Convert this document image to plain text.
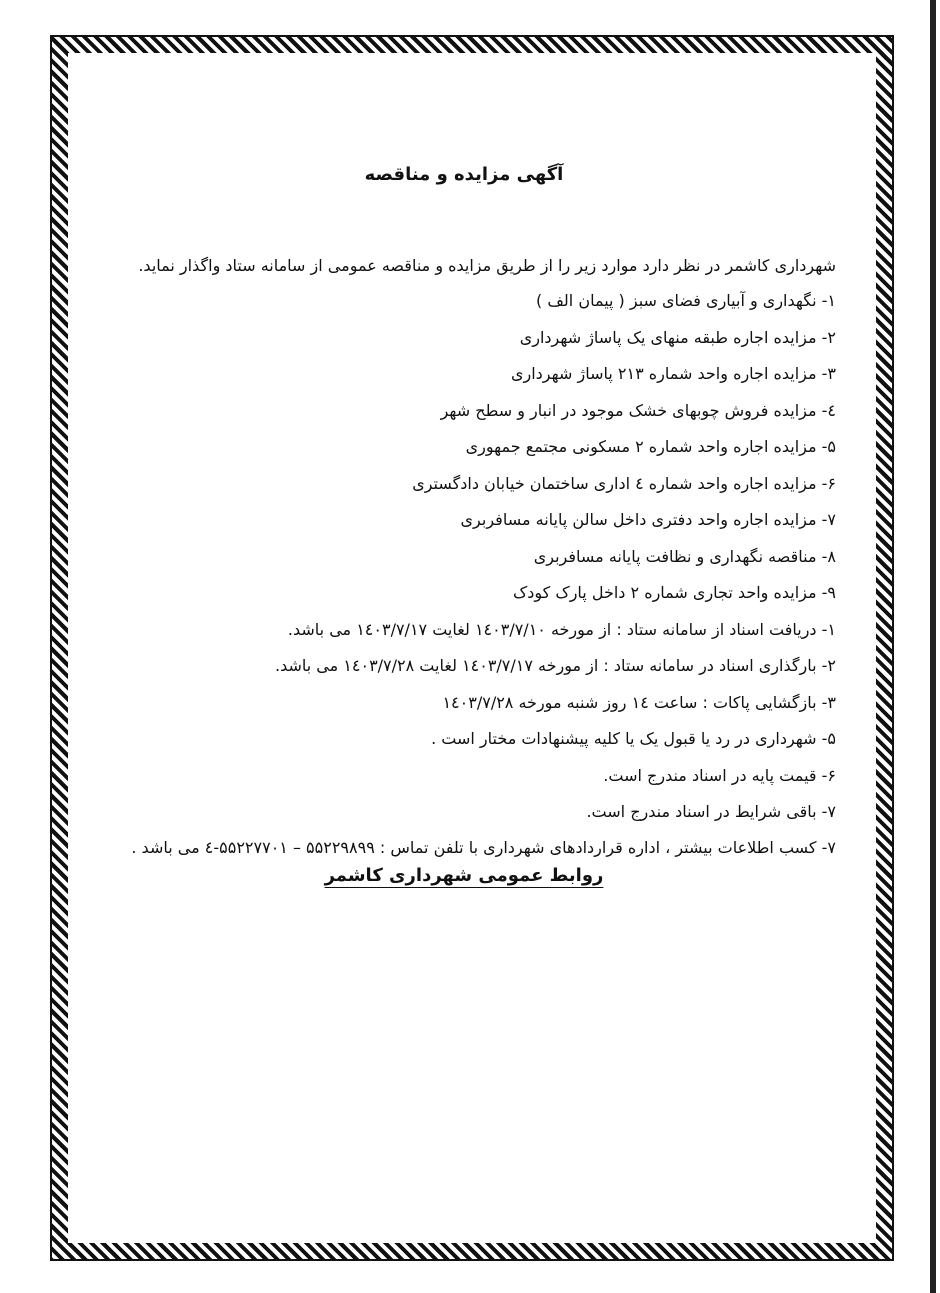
آگهی مزایده و مناقصه

شهرداری کاشمر در نظر دارد موارد زیر را از طریق مزایده و مناقصه عمومی از سامانه ستاد واگذار نماید.

۱- نگهداری و آبیاری فضای سبز ( پیمان الف )
۲- مزایده اجاره طبقه منهای یک پاساژ شهرداری
۳- مزایده اجاره واحد شماره ۲۱۳ پاساژ شهرداری
٤- مزایده فروش چوبهای خشک موجود در انبار و سطح شهر
۵- مزایده اجاره واحد شماره ۲ مسکونی مجتمع جمهوری
۶- مزایده اجاره واحد شماره ٤ اداری ساختمان خیابان دادگستری
۷- مزایده اجاره واحد دفتری داخل سالن پایانه مسافربری
۸- مناقصه نگهداری و نظافت پایانه مسافربری
۹- مزایده واحد تجاری شماره ۲ داخل پارک کودک
۱- دریافت اسناد از سامانه ستاد : از مورخه ۱٤۰۳/۷/۱۰ لغایت ۱٤۰۳/۷/۱۷ می باشد.
۲- بارگذاری اسناد در سامانه ستاد : از مورخه ۱٤۰۳/۷/۱۷ لغایت ۱٤۰۳/۷/۲۸ می باشد.
۳- بازگشایی پاکات : ساعت ۱٤ روز شنبه مورخه ۱٤۰۳/۷/۲۸
۵- شهرداری در رد یا قبول یک یا کلیه پیشنهادات مختار است .
۶- قیمت پایه در اسناد مندرج است.
۷- باقی شرایط در اسناد مندرج است.

۷- کسب اطلاعات بیشتر ، اداره قراردادهای شهرداری با تلفن تماس : ٤-۵۵۲۲۷۷۰۱ – ۵۵۲۲۹۸۹۹ می باشد .

روابط عمومی شهرداری کاشمر
